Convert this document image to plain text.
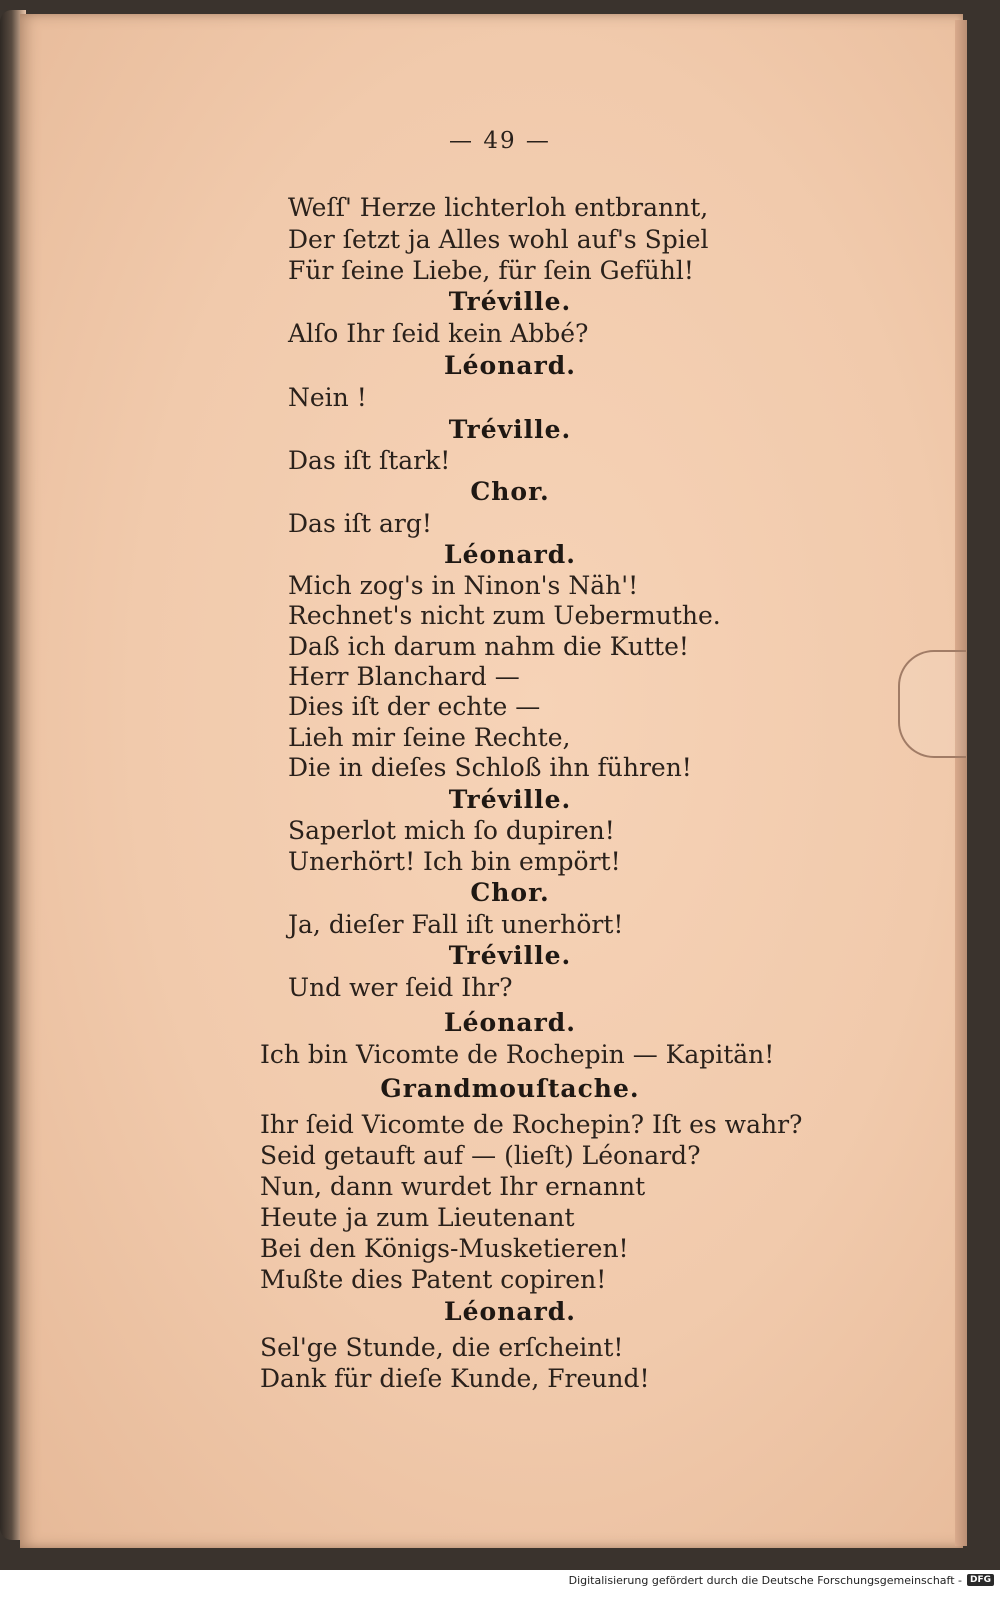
— 49 —
Weſſ' Herze lichterloh entbrannt,
Der ſetzt ja Alles wohl auf's Spiel
Für ſeine Liebe, für ſein Gefühl!
Tréville.
Alſo Ihr ſeid kein Abbé?
Léonard.
Nein !
Tréville.
Das iſt ſtark!
Chor.
Das iſt arg!
Léonard.
Mich zog's in Ninon's Näh'!
Rechnet's nicht zum Uebermuthe.
Daß ich darum nahm die Kutte!
Herr Blanchard —
Dies iſt der echte —
Lieh mir ſeine Rechte,
Die in dieſes Schloß ihn führen!
Tréville.
Saperlot mich ſo dupiren!
Unerhört! Ich bin empört!
Chor.
Ja, dieſer Fall iſt unerhört!
Tréville.
Und wer ſeid Ihr?
Léonard.
Ich bin Vicomte de Rochepin — Kapitän!
Grandmouſtache.
Ihr ſeid Vicomte de Rochepin? Iſt es wahr?
Seid getauft auf — (lieſt) Léonard?
Nun, dann wurdet Ihr ernannt
Heute ja zum Lieutenant
Bei den Königs-Musketieren!
Mußte dies Patent copiren!
Léonard.
Sel'ge Stunde, die erſcheint!
Dank für dieſe Kunde, Freund!
Digitalisierung gefördert durch die Deutsche Forschungsgemeinschaft - DFG
